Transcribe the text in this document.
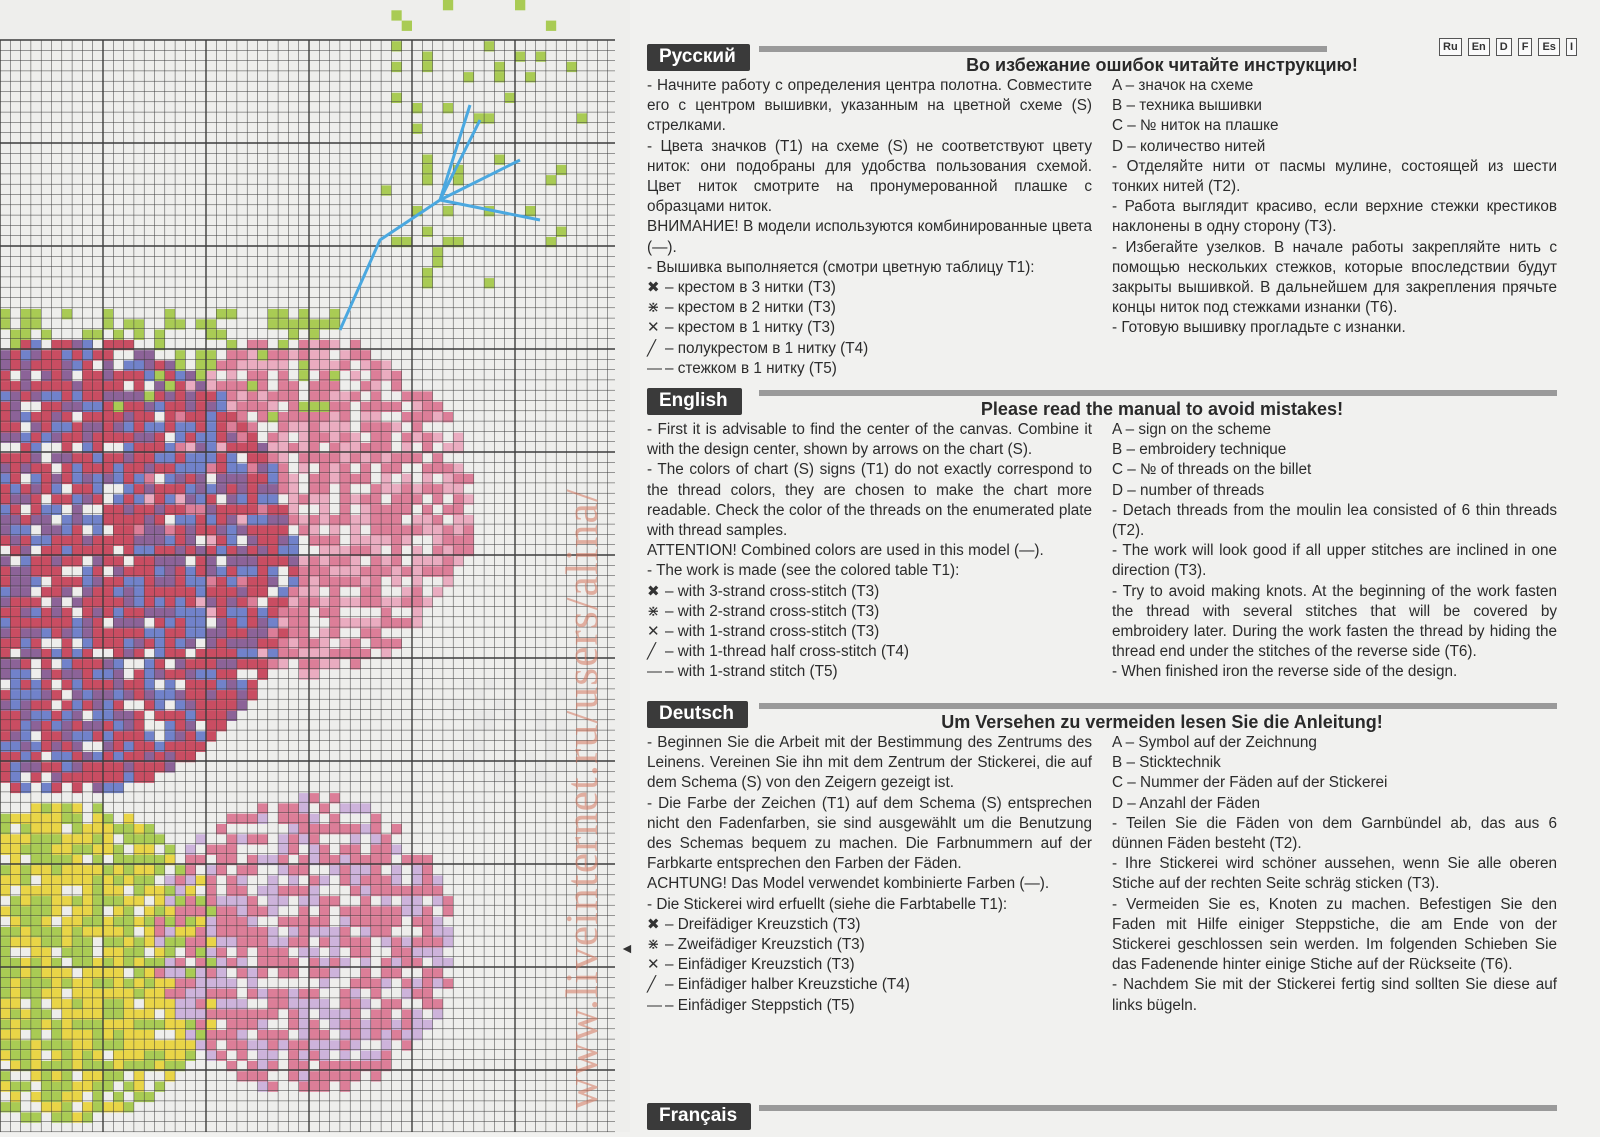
www.liveinternet.ru/users/alina/ ◄
Ru	En	D	F	Es	I
Русский	Во избежание ошибок читайте инструкцию!

- Начните работу с определения центра полотна. Совместите его с центром вышивки, указанным на цветной схеме (S) стрелками.

- Цвета значков (T1) на схеме (S) не соответствуют цвету ниток: они подобраны для удобства пользования схемой. Цвет ниток смотрите на пронумерованной плашке с образцами ниток.

ВНИМАНИЕ! В модели используются комбинированные цвета (—).

- Вышивка выполняется (смотри цветную таблицу T1):

✖ – крестом в 3 нитки (T3)

⋇ – крестом в 2 нитки (T3)

✕ – крестом в 1 нитку (T3)

╱ – полукрестом в 1 нитку (T4)

— – стежком в 1 нитку (T5)

A – значок на схеме

B – техника вышивки

C – № ниток на плашке

D – количество нитей

- Отделяйте нити от пасмы мулине, состоящей из шести тонких нитей (T2).

- Работа выглядит красиво, если верхние стежки крестиков наклонены в одну сторону (T3).

- Избегайте узелков. В начале работы закрепляйте нить с помощью нескольких стежков, которые впоследствии будут закрыты вышивкой. В дальнейшем для закрепления прячьте концы ниток под стежками изнанки (T6).

- Готовую вышивку прогладьте с изнанки.

English	Please read the manual to avoid mistakes!

- First it is advisable to find the center of the canvas. Combine it with the design center, shown by arrows on the chart (S).

- The colors of chart (S) signs (T1) do not exactly correspond to the thread colors, they are chosen to make the chart more readable. Check the color of the threads on the enumerated plate with thread samples.

ATTENTION! Combined colors are used in this model (—).

- The work is made (see the colored table T1):

✖ – with 3-strand cross-stitch (T3)

⋇ – with 2-strand cross-stitch (T3)

✕ – with 1-strand cross-stitch (T3)

╱ – with 1-thread half cross-stitch (T4)

— – with 1-strand stitch (T5)

A – sign on the scheme

B – embroidery technique

C – № of threads on the billet

D – number of threads

- Detach threads from the moulin lea consisted of 6 thin threads (T2).

- The work will look good if all upper stitches are inclined in one direction (T3).

- Try to avoid making knots. At the beginning of the work fasten the thread with several stitches that will be covered by embroidery later. During the work fasten the thread by hiding the thread end under the stitches of the reverse side (T6).

- When finished iron the reverse side of the design.

Deutsch	Um Versehen zu vermeiden lesen Sie die Anleitung!

- Beginnen Sie die Arbeit mit der Bestimmung des Zentrums des Leinens. Vereinen Sie ihn mit dem Zentrum der Stickerei, die auf dem Schema (S) von den Zeigern gezeigt ist.

- Die Farbe der Zeichen (T1) auf dem Schema (S) entsprechen nicht den Fadenfarben, sie sind ausgewählt um die Benutzung des Schemas bequem zu machen. Die Farbnummern auf der Farbkarte entsprechen den Farben der Fäden.

ACHTUNG! Das Model verwendet kombinierte Farben (—).

- Die Stickerei wird erfuellt (siehe die Farbtabelle T1):

✖ – Dreifädiger Kreuzstich (T3)

⋇ – Zweifädiger Kreuzstich (T3)

✕ – Einfädiger Kreuzstich (T3)

╱ – Einfädiger halber Kreuzstiche (T4)

— – Einfädiger Steppstich (T5)

A – Symbol auf der Zeichnung

B – Sticktechnik

C – Nummer der Fäden auf der Stickerei

D – Anzahl der Fäden

- Teilen Sie die Fäden von dem Garnbündel ab, das aus 6 dünnen Fäden besteht (T2).

- Ihre Stickerei wird schöner aussehen, wenn Sie alle oberen Stiche auf der rechten Seite schräg sticken (T3).

- Vermeiden Sie es, Knoten zu machen. Befestigen Sie den Faden mit Hilfe einiger Steppstiche, die am Ende von der Stickerei geschlossen sein werden. Im folgenden Schieben Sie das Fadenende hinter einige Stiche auf der Rückseite (T6).

- Nachdem Sie mit der Stickerei fertig sind sollten Sie diese auf links bügeln.

Français
